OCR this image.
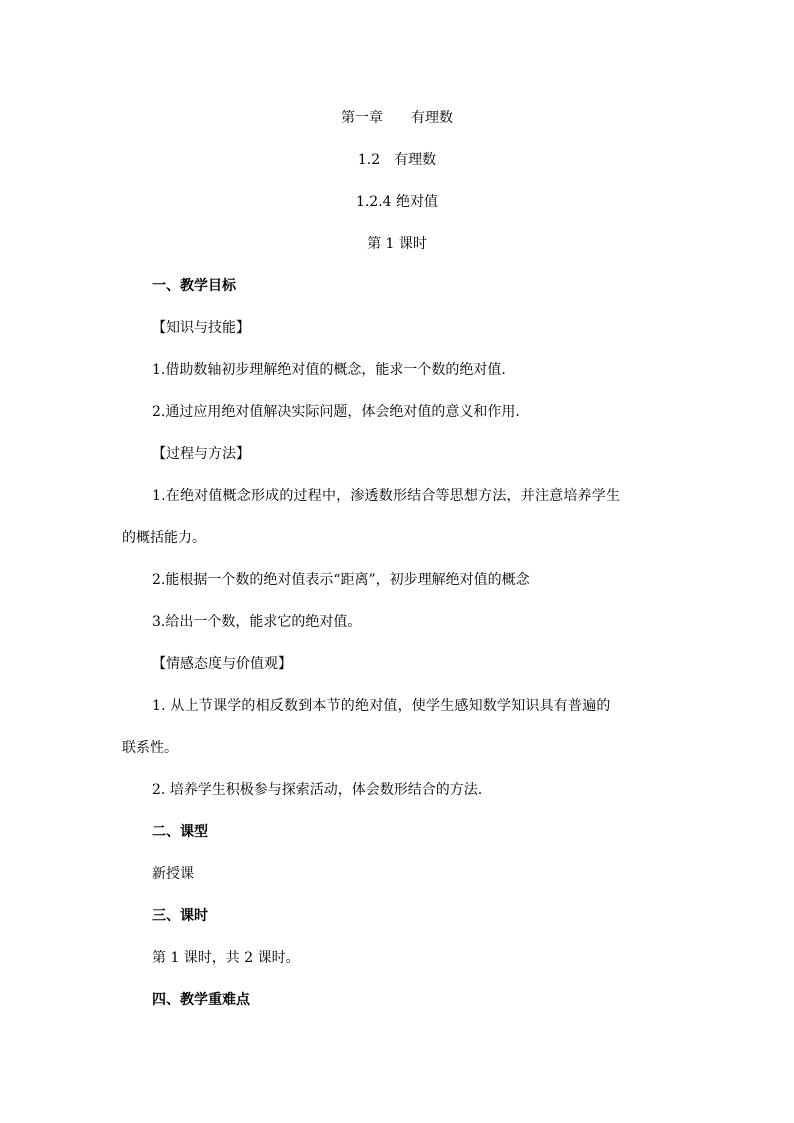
第一章　　有理数
1.2　有理数
1.2.4 绝对值
第 1 课时
一、教学目标
【知识与技能】
1.借助数轴初步理解绝对值的概念，能求一个数的绝对值.
2.通过应用绝对值解决实际问题，体会绝对值的意义和作用.
【过程与方法】
1.在绝对值概念形成的过程中，渗透数形结合等思想方法，并注意培养学生
的概括能力。
2.能根据一个数的绝对值表示“距离”，初步理解绝对值的概念
3.给出一个数，能求它的绝对值。
【情感态度与价值观】
1. 从上节课学的相反数到本节的绝对值，使学生感知数学知识具有普遍的
联系性。
2. 培养学生积极参与探索活动，体会数形结合的方法.
二、课型
新授课
三、课时
第 1 课时，共 2 课时。
四、教学重难点
